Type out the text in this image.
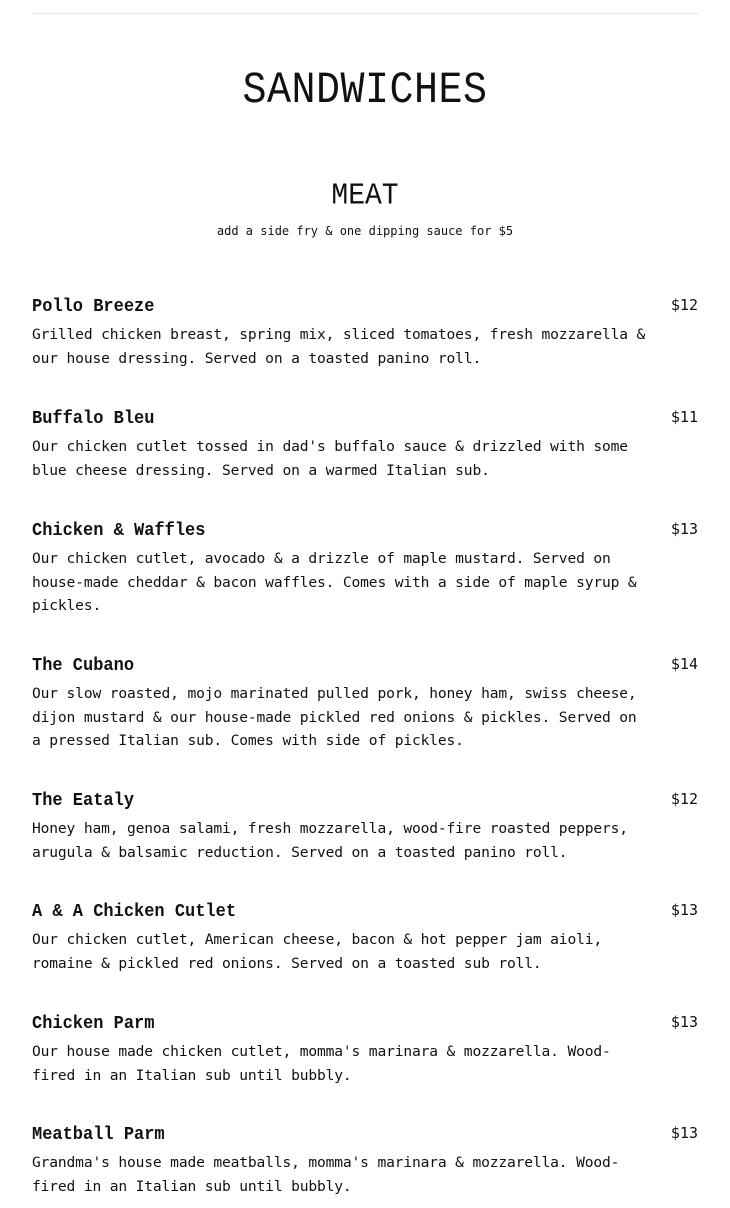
SANDWICHES
MEAT
add a side fry & one dipping sauce for $5
Pollo Breeze	$12
Grilled chicken breast, spring mix, sliced tomatoes, fresh mozzarella & our house dressing. Served on a toasted panino roll.
Buffalo Bleu	$11
Our chicken cutlet tossed in dad's buffalo sauce & drizzled with some blue cheese dressing. Served on a warmed Italian sub.
Chicken & Waffles	$13
Our chicken cutlet, avocado & a drizzle of maple mustard. Served on house-made cheddar & bacon waffles. Comes with a side of maple syrup & pickles.
The Cubano	$14
Our slow roasted, mojo marinated pulled pork, honey ham, swiss cheese, dijon mustard & our house-made pickled red onions & pickles. Served on a pressed Italian sub. Comes with side of pickles.
The Eataly	$12
Honey ham, genoa salami, fresh mozzarella, wood-fire roasted peppers, arugula & balsamic reduction. Served on a toasted panino roll.
A & A Chicken Cutlet	$13
Our chicken cutlet, American cheese, bacon & hot pepper jam aioli, romaine & pickled red onions. Served on a toasted sub roll.
Chicken Parm	$13
Our house made chicken cutlet, momma's marinara & mozzarella. Wood-fired in an Italian sub until bubbly.
Meatball Parm	$13
Grandma's house made meatballs, momma's marinara & mozzarella. Wood-fired in an Italian sub until bubbly.
